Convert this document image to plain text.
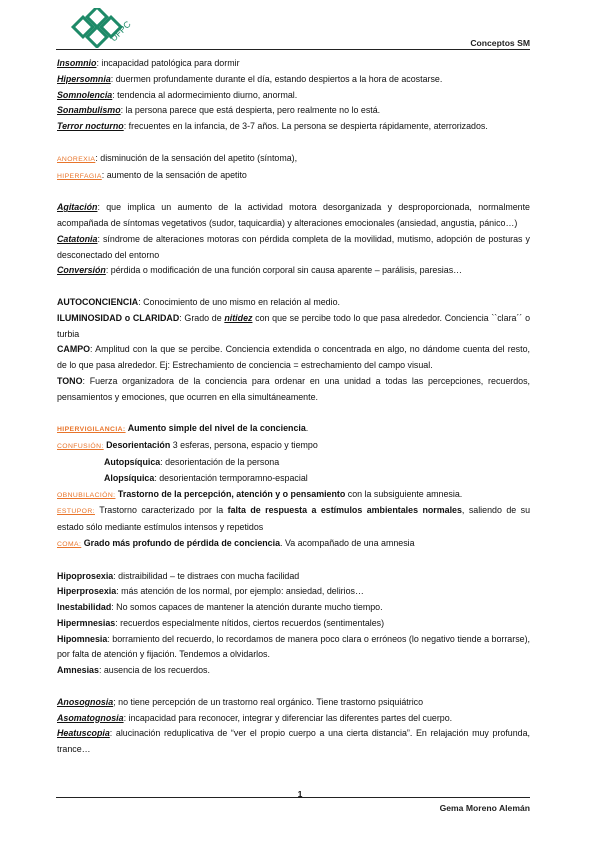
UFPC	Conceptos SM

Insomnio: incapacidad patológica para dormir

Hipersomnia: duermen profundamente durante el día, estando despiertos a la hora de acostarse.

Somnolencia: tendencia al adormecimiento diurno, anormal.

Sonambulismo: la persona parece que está despierta, pero realmente no lo está.

Terror nocturno: frecuentes en la infancia, de 3-7 años. La persona se despierta rápidamente, aterrorizados.

ANOREXIA: disminución de la sensación del apetito (síntoma),

HIPERFAGIA: aumento de la sensación de apetito

Agitación: que implica un aumento de la actividad motora desorganizada y desproporcionada, normalmente acompañada de síntomas vegetativos (sudor, taquicardia) y alteraciones emocionales (ansiedad, angustia, pánico…)

Catatonia: síndrome de alteraciones motoras con pérdida completa de la movilidad, mutismo, adopción de posturas y desconectado del entorno

Conversión: pérdida o modificación de una función corporal sin causa aparente – parálisis, paresias…

AUTOCONCIENCIA: Conocimiento de uno mismo en relación al medio.

ILUMINOSIDAD o CLARIDAD: Grado de nitidez con que se percibe todo lo que pasa alrededor. Conciencia ``clara´´ o turbia

CAMPO: Amplitud con la que se percibe. Conciencia extendida o concentrada en algo, no dándome cuenta del resto, de lo que pasa alrededor. Ej: Estrechamiento de conciencia = estrechamiento del campo visual.

TONO: Fuerza organizadora de la conciencia para ordenar en una unidad a todas las percepciones, recuerdos, pensamientos y emociones, que ocurren en ella simultáneamente.

HIPERVIGILANCIA: Aumento simple del nivel de la conciencia.

CONFUSIÓN: Desorientación 3 esferas, persona, espacio y tiempo

Autopsíquica: desorientación de la persona

Alopsíquica: desorientación termporamno-espacial

OBNUBILACIÓN: Trastorno de la percepción, atención y o pensamiento con la subsiguiente amnesia.

ESTUPOR: Trastorno caracterizado por la falta de respuesta a estímulos ambientales normales, saliendo de su estado sólo mediante estímulos intensos y repetidos

COMA: Grado más profundo de pérdida de conciencia. Va acompañado de una amnesia

Hipoprosexia: distraibilidad – te distraes con mucha facilidad

Hiperprosexia: más atención de los normal, por ejemplo: ansiedad, delirios…

Inestabilidad: No somos capaces de mantener la atención durante mucho tiempo.

Hipermnesias: recuerdos especialmente nítidos, ciertos recuerdos (sentimentales)

Hipomnesia: borramiento del recuerdo, lo recordamos de manera poco clara o erróneos (lo negativo tiende a borrarse), por falta de atención y fijación. Tendemos a olvidarlos.

Amnesias: ausencia de los recuerdos.

Anosognosia; no tiene percepción de un trastorno real orgánico. Tiene trastorno psiquiátrico

Asomatognosia: incapacidad para reconocer, integrar y diferenciar las diferentes partes del cuerpo.

Heatuscopia: alucinación reduplicativa de “ver el propio cuerpo a una cierta distancia”. En relajación muy profunda, trance…

1
Gema Moreno Alemán
